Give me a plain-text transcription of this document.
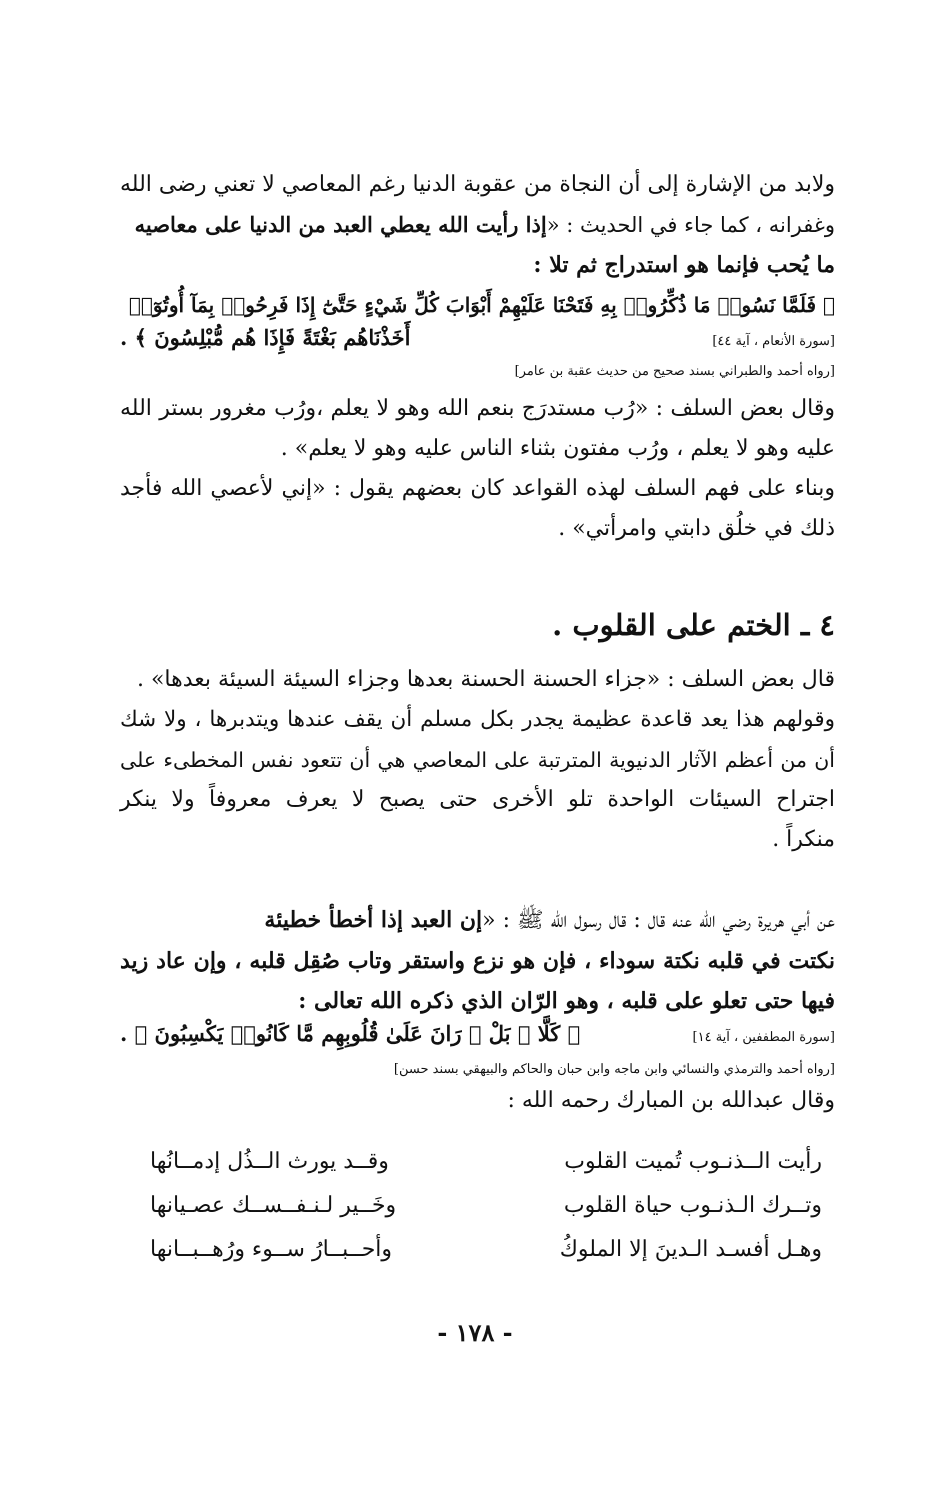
ولابد من الإشارة إلى أن النجاة من عقوبة الدنيا رغم المعاصي لا تعني رضى الله
وغفرانه ، كما جاء في الحديث : «إذا رأيت الله يعطي العبد من الدنيا على معاصيه
ما يُحب فإنما هو استدراج ثم تلا :
﴿ فَلَمَّا نَسُوا۟ مَا ذُكِّرُوا۟ بِهِ فَتَحْنَا عَلَيْهِمْ أَبْوَابَ كُلِّ شَيْءٍ حَتَّىٰٓ إِذَا فَرِحُوا۟ بِمَآ أُوتُوٓا۟
أَخَذْنَاهُم بَغْتَةً فَإِذَا هُم مُّبْلِسُونَ ﴾ .	[سورة الأنعام ، آية ٤٤]
[رواه أحمد والطبراني بسند صحيح من حديث عقبة بن عامر]
وقال بعض السلف : «رُب مستدرَج بنعم الله وهو لا يعلم ،ورُب مغرور بستر الله
عليه وهو لا يعلم ، ورُب مفتون بثناء الناس عليه وهو لا يعلم» .
وبناء على فهم السلف لهذه القواعد كان بعضهم يقول : «إني لأعصي الله فأجد
ذلك في خلُق دابتي وامرأتي» .
٤ ـ الختم على القلوب .
قال بعض السلف : «جزاء الحسنة الحسنة بعدها وجزاء السيئة السيئة بعدها» .
وقولهم هذا يعد قاعدة عظيمة يجدر بكل مسلم أن يقف عندها ويتدبرها ، ولا شك
أن من أعظم الآثار الدنيوية المترتبة على المعاصي هي أن تتعود نفس المخطىء على
اجتراح السيئات الواحدة تلو الأخرى حتى يصبح لا يعرف معروفاً ولا ينكر
منكراً .
عن أبي هريرة رضي الله عنه قال : قال رسول الله ﷺ : «إن العبد إذا أخطأ خطيئة
نكتت في قلبه نكتة سوداء ، فإن هو نزع واستقر وتاب صُقِل قلبه ، وإن عاد زيد
فيها حتى تعلو على قلبه ، وهو الرّان الذي ذكره الله تعالى :
﴿ كَلَّا ۖ بَلْ ۜ رَانَ عَلَىٰ قُلُوبِهِم مَّا كَانُوا۟ يَكْسِبُونَ ﴾ .	[سورة المطففين ، آية ١٤]
[رواه أحمد والترمذي والنسائي وابن ماجه وابن حبان والحاكم والبيهقي بسند حسن]
وقال عبدالله بن المبارك رحمه الله :
رأيت الــذنـوب تُميت القلوب
وقــد يورث الــذُل إدمــانُها
وتــرك الـذنـوب حياة القلوب
وخَــير لـنـفــســك عصـيانها
وهـل أفسـد الـدينَ إلا الملوكُ
وأحــبــارُ ســوء ورُهــبــانها
- ١٧٨ -
